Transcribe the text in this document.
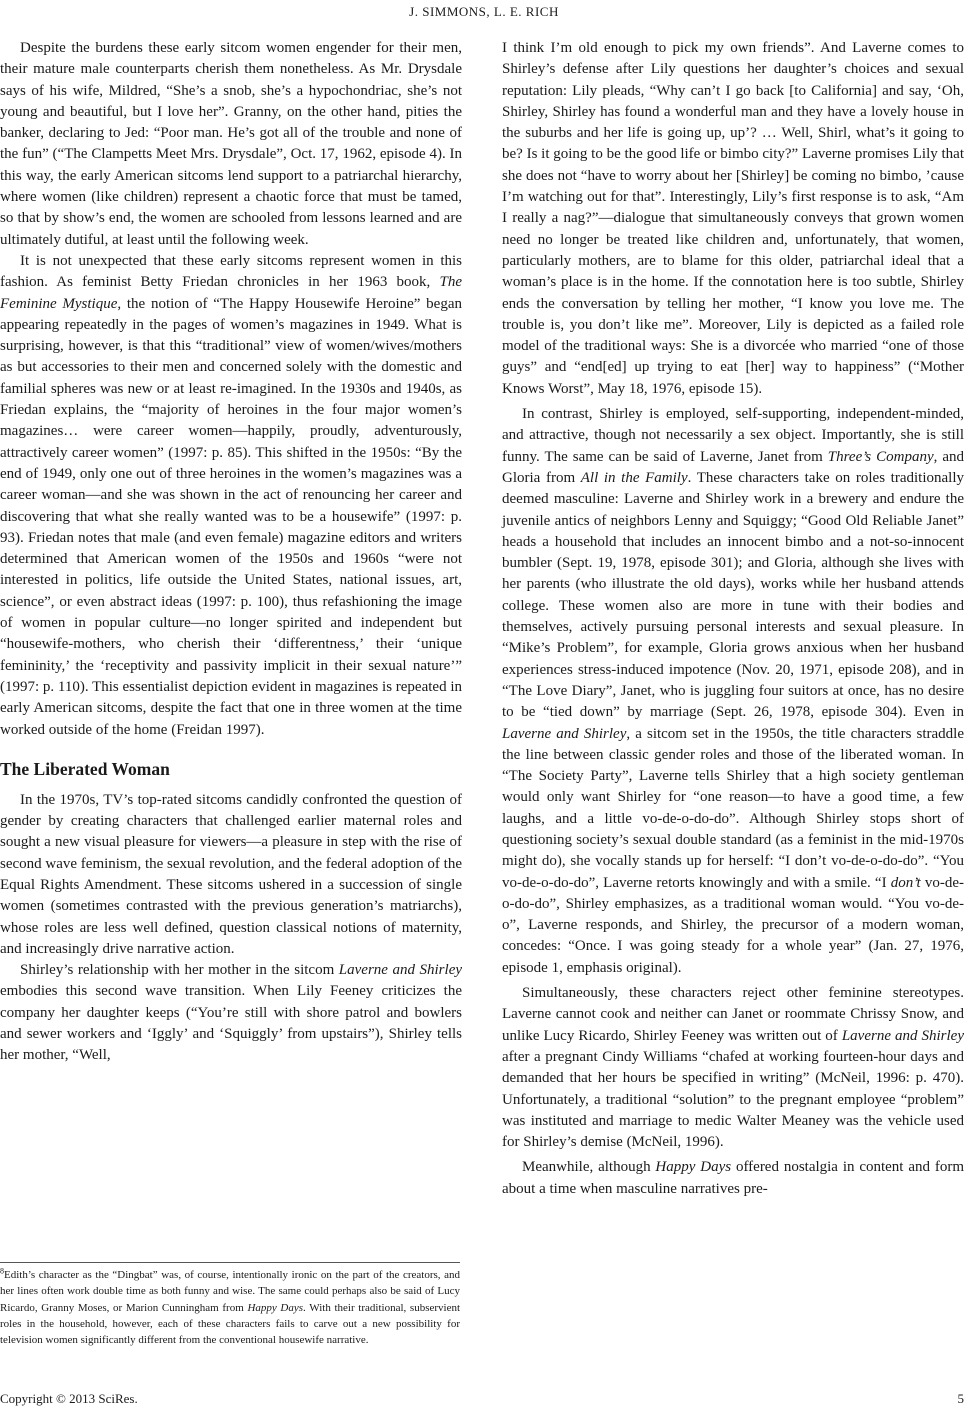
J. SIMMONS, L. E. RICH

Despite the burdens these early sitcom women engender for their men, their mature male counterparts cherish them nonetheless. As Mr. Drysdale says of his wife, Mildred, “She’s a snob, she’s a hypochondriac, she’s not young and beautiful, but I love her”. Granny, on the other hand, pities the banker, declaring to Jed: “Poor man. He’s got all of the trouble and none of the fun” (“The Clampetts Meet Mrs. Drysdale”, Oct. 17, 1962, episode 4). In this way, the early American sitcoms lend support to a patriarchal hierarchy, where women (like children) represent a chaotic force that must be tamed, so that by show’s end, the women are schooled from lessons learned and are ultimately dutiful, at least until the following week.

It is not unexpected that these early sitcoms represent women in this fashion. As feminist Betty Friedan chronicles in her 1963 book, The Feminine Mystique, the notion of “The Happy Housewife Heroine” began appearing repeatedly in the pages of women’s magazines in 1949. What is surprising, however, is that this “traditional” view of women/wives/mothers as but accessories to their men and concerned solely with the domestic and familial spheres was new or at least re-imagined. In the 1930s and 1940s, as Friedan explains, the “majority of heroines in the four major women’s magazines… were career women—happily, proudly, adventurously, attractively career women” (1997: p. 85). This shifted in the 1950s: “By the end of 1949, only one out of three heroines in the women’s magazines was a career woman—and she was shown in the act of renouncing her career and discovering that what she really wanted was to be a housewife” (1997: p. 93). Friedan notes that male (and even female) magazine editors and writers determined that American women of the 1950s and 1960s “were not interested in politics, life outside the United States, national issues, art, science”, or even abstract ideas (1997: p. 100), thus refashioning the image of women in popular culture—no longer spirited and independent but “housewife-mothers, who cherish their ‘differentness,’ their ‘unique femininity,’ the ‘receptivity and passivity implicit in their sexual nature’” (1997: p. 110). This essentialist depiction evident in magazines is repeated in early American sitcoms, despite the fact that one in three women at the time worked outside of the home (Freidan 1997).

The Liberated Woman

In the 1970s, TV’s top-rated sitcoms candidly confronted the question of gender by creating characters that challenged earlier maternal roles and sought a new visual pleasure for viewers—a pleasure in step with the rise of second wave feminism, the sexual revolution, and the federal adoption of the Equal Rights Amendment. These sitcoms ushered in a succession of single women (sometimes contrasted with the previous generation’s matriarchs), whose roles are less well defined, question classical notions of maternity, and increasingly drive narrative action.

Shirley’s relationship with her mother in the sitcom Laverne and Shirley embodies this second wave transition. When Lily Feeney criticizes the company her daughter keeps (“You’re still with shore patrol and bowlers and sewer workers and ‘Iggly’ and ‘Squiggly’ from upstairs”), Shirley tells her mother, “Well,

$^8$Edith’s character as the “Dingbat” was, of course, intentionally ironic on the part of the creators, and her lines often work double time as both funny and wise. The same could perhaps also be said of Lucy Ricardo, Granny Moses, or Marion Cunningham from Happy Days. With their traditional, subservient roles in the household, however, each of these characters fails to carve out a new possibility for television women significantly different from the conventional housewife narrative.

I think I’m old enough to pick my own friends”. And Laverne comes to Shirley’s defense after Lily questions her daughter’s choices and sexual reputation: Lily pleads, “Why can’t I go back [to California] and say, ‘Oh, Shirley, Shirley has found a wonderful man and they have a lovely house in the suburbs and her life is going up, up’? … Well, Shirl, what’s it going to be? Is it going to be the good life or bimbo city?” Laverne promises Lily that she does not “have to worry about her [Shirley] be coming no bimbo, ’cause I’m watching out for that”. Interestingly, Lily’s first response is to ask, “Am I really a nag?”—dialogue that simultaneously conveys that grown women need no longer be treated like children and, unfortunately, that women, particularly mothers, are to blame for this older, patriarchal ideal that a woman’s place is in the home. If the connotation here is too subtle, Shirley ends the conversation by telling her mother, “I know you love me. The trouble is, you don’t like me”. Moreover, Lily is depicted as a failed role model of the traditional ways: She is a divorcée who married “one of those guys” and “end[ed] up trying to eat [her] way to happiness” (“Mother Knows Worst”, May 18, 1976, episode 15).

In contrast, Shirley is employed, self-supporting, independent-minded, and attractive, though not necessarily a sex object. Importantly, she is still funny. The same can be said of Laverne, Janet from Three’s Company, and Gloria from All in the Family. These characters take on roles traditionally deemed masculine: Laverne and Shirley work in a brewery and endure the juvenile antics of neighbors Lenny and Squiggy; “Good Old Reliable Janet” heads a household that includes an innocent bimbo and a not-so-innocent bumbler (Sept. 19, 1978, episode 301); and Gloria, although she lives with her parents (who illustrate the old days), works while her husband attends college. These women also are more in tune with their bodies and themselves, actively pursuing personal interests and sexual pleasure. In “Mike’s Problem”, for example, Gloria grows anxious when her husband experiences stress-induced impotence (Nov. 20, 1971, episode 208), and in “The Love Diary”, Janet, who is juggling four suitors at once, has no desire to be “tied down” by marriage (Sept. 26, 1978, episode 304). Even in Laverne and Shirley, a sitcom set in the 1950s, the title characters straddle the line between classic gender roles and those of the liberated woman. In “The Society Party”, Laverne tells Shirley that a high society gentleman would only want Shirley for “one reason—to have a good time, a few laughs, and a little vo-de-o-do-do”. Although Shirley stops short of questioning society’s sexual double standard (as a feminist in the mid-1970s might do), she vocally stands up for herself: “I don’t vo-de-o-do-do”. “You vo-de-o-do-do”, Laverne retorts knowingly and with a smile. “I don’t vo-de-o-do-do”, Shirley emphasizes, as a traditional woman would. “You vo-de-o”, Laverne responds, and Shirley, the precursor of a modern woman, concedes: “Once. I was going steady for a whole year” (Jan. 27, 1976, episode 1, emphasis original).

Simultaneously, these characters reject other feminine stereotypes. Laverne cannot cook and neither can Janet or roommate Chrissy Snow, and unlike Lucy Ricardo, Shirley Feeney was written out of Laverne and Shirley after a pregnant Cindy Williams “chafed at working fourteen-hour days and demanded that her hours be specified in writing” (McNeil, 1996: p. 470). Unfortunately, a traditional “solution” to the pregnant employee “problem” was instituted and marriage to medic Walter Meaney was the vehicle used for Shirley’s demise (McNeil, 1996).

Meanwhile, although Happy Days offered nostalgia in content and form about a time when masculine narratives pre-

Copyright © 2013 SciRes.	5
